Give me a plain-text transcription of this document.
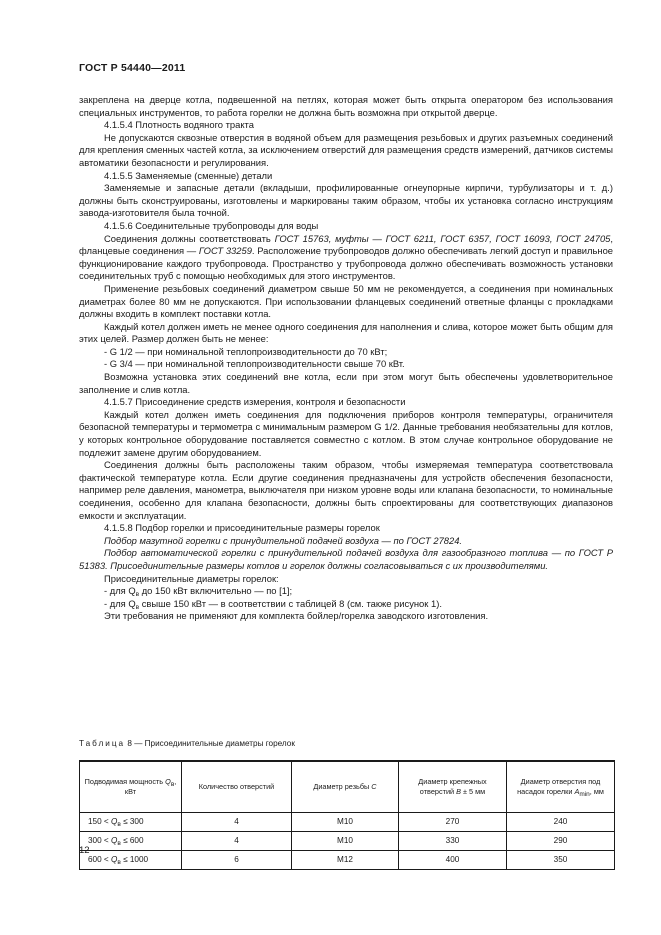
ГОСТ Р 54440—2011

закреплена на дверце котла, подвешенной на петлях, которая может быть открыта оператором без использования специальных инструментов, то работа горелки не должна быть возможна при открытой дверце.

4.1.5.4 Плотность водяного тракта

Не допускаются сквозные отверстия в водяной объем для размещения резьбовых и других разъемных соединений для крепления сменных частей котла, за исключением отверстий для размещения средств измерений, датчиков системы автоматики безопасности и регулирования.

4.1.5.5 Заменяемые (сменные) детали

Заменяемые и запасные детали (вкладыши, профилированные огнеупорные кирпичи, турбулизаторы и т. д.) должны быть сконструированы, изготовлены и маркированы таким образом, чтобы их установка согласно инструкциям завода-изготовителя была точной.

4.1.5.6 Соединительные трубопроводы для воды

Соединения должны соответствовать ГОСТ 15763, муфты — ГОСТ 6211, ГОСТ 6357, ГОСТ 16093, ГОСТ 24705, фланцевые соединения — ГОСТ 33259. Расположение трубопроводов должно обеспечивать легкий доступ и правильное функционирование каждого трубопровода. Пространство у трубопровода должно обеспечивать возможность установки соединительных труб с помощью необходимых для этого инструментов.

Применение резьбовых соединений диаметром свыше 50 мм не рекомендуется, а соединения при номинальных диаметрах более 80 мм не допускаются. При использовании фланцевых соединений ответные фланцы с прокладками должны входить в комплект поставки котла.

Каждый котел должен иметь не менее одного соединения для наполнения и слива, которое может быть общим для этих целей. Размер должен быть не менее:

- G 1/2 — при номинальной теплопроизводительности до 70 кВт;

- G 3/4 — при номинальной теплопроизводительности свыше 70 кВт.

Возможна установка этих соединений вне котла, если при этом могут быть обеспечены удовлетворительное заполнение и слив котла.

4.1.5.7 Присоединение средств измерения, контроля и безопасности

Каждый котел должен иметь соединения для подключения приборов контроля температуры, ограничителя безопасной температуры и термометра с минимальным размером G 1/2. Данные требования необязательны для котлов, у которых контрольное оборудование поставляется совместно с котлом. В этом случае контрольное оборудование не подлежит замене другим оборудованием.

Соединения должны быть расположены таким образом, чтобы измеряемая температура соответствовала фактической температуре котла. Если другие соединения предназначены для устройств обеспечения безопасности, например реле давления, манометра, выключателя при низком уровне воды или клапана безопасности, то номинальные соединения, особенно для клапана безопасности, должны быть спроектированы для соответствующих диапазонов емкости и эксплуатации.

4.1.5.8 Подбор горелки и присоединительные размеры горелок

Подбор мазутной горелки с принудительной подачей воздуха — по ГОСТ 27824.

Подбор автоматической горелки с принудительной подачей воздуха для газообразного топлива — по ГОСТ Р 51383. Присоединительные размеры котлов и горелок должны согласовываться с их производителями.

Присоединительные диаметры горелок:

- для $Q_в$ до 150 кВт включительно — по [1];

- для $Q_в$ свыше 150 кВт — в соответствии с таблицей 8 (см. также рисунок 1).

Эти требования не применяют для комплекта бойлер/горелка заводского изготовления.

Таблица 8 — Присоединительные диаметры горелок
Подводимая мощность $Q_в$, кВт	Количество отверстий	Диаметр резьбы C	Диаметр крепежных отверстий B ± 5 мм	Диаметр отверстия под насадок горелки $A_{min}$, мм
$150 < Q_в \le 300$	4	M10	270	240
$300 < Q_в \le 600$	4	M10	330	290
$600 < Q_в \le 1000$	6	M12	400	350
12
